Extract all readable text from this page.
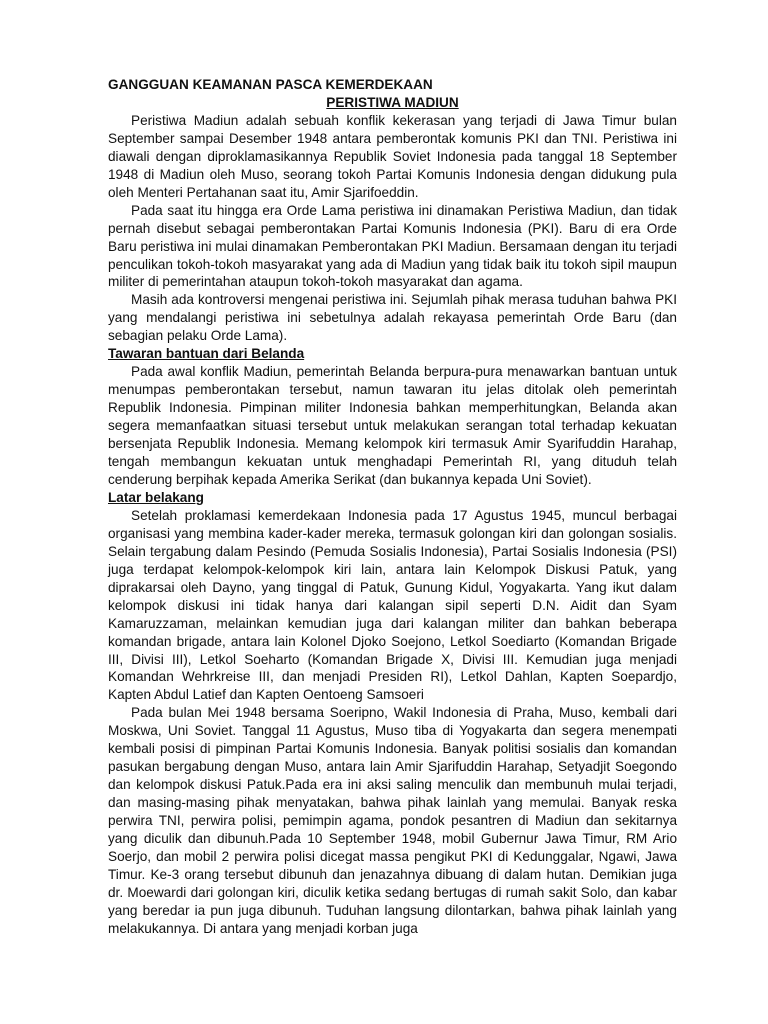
GANGGUAN KEAMANAN PASCA KEMERDEKAAN
PERISTIWA MADIUN

Peristiwa Madiun adalah sebuah konflik kekerasan yang terjadi di Jawa Timur bulan September sampai Desember 1948 antara pemberontak komunis PKI dan TNI. Peristiwa ini diawali dengan diproklamasikannya Republik Soviet Indonesia pada tanggal 18 September 1948 di Madiun oleh Muso, seorang tokoh Partai Komunis Indonesia dengan didukung pula oleh Menteri Pertahanan saat itu, Amir Sjarifoeddin.

Pada saat itu hingga era Orde Lama peristiwa ini dinamakan Peristiwa Madiun, dan tidak pernah disebut sebagai pemberontakan Partai Komunis Indonesia (PKI). Baru di era Orde Baru peristiwa ini mulai dinamakan Pemberontakan PKI Madiun. Bersamaan dengan itu terjadi penculikan tokoh-tokoh masyarakat yang ada di Madiun yang tidak baik itu tokoh sipil maupun militer di pemerintahan ataupun tokoh-tokoh masyarakat dan agama.

Masih ada kontroversi mengenai peristiwa ini. Sejumlah pihak merasa tuduhan bahwa PKI yang mendalangi peristiwa ini sebetulnya adalah rekayasa pemerintah Orde Baru (dan sebagian pelaku Orde Lama).

Tawaran bantuan dari Belanda

Pada awal konflik Madiun, pemerintah Belanda berpura-pura menawarkan bantuan untuk menumpas pemberontakan tersebut, namun tawaran itu jelas ditolak oleh pemerintah Republik Indonesia. Pimpinan militer Indonesia bahkan memperhitungkan, Belanda akan segera memanfaatkan situasi tersebut untuk melakukan serangan total terhadap kekuatan bersenjata Republik Indonesia. Memang kelompok kiri termasuk Amir Syarifuddin Harahap, tengah membangun kekuatan untuk menghadapi Pemerintah RI, yang dituduh telah cenderung berpihak kepada Amerika Serikat (dan bukannya kepada Uni Soviet).

Latar belakang

Setelah proklamasi kemerdekaan Indonesia pada 17 Agustus 1945, muncul berbagai organisasi yang membina kader-kader mereka, termasuk golongan kiri dan golongan sosialis. Selain tergabung dalam Pesindo (Pemuda Sosialis Indonesia), Partai Sosialis Indonesia (PSI) juga terdapat kelompok-kelompok kiri lain, antara lain Kelompok Diskusi Patuk, yang diprakarsai oleh Dayno, yang tinggal di Patuk, Gunung Kidul, Yogyakarta. Yang ikut dalam kelompok diskusi ini tidak hanya dari kalangan sipil seperti D.N. Aidit dan Syam Kamaruzzaman, melainkan kemudian juga dari kalangan militer dan bahkan beberapa komandan brigade, antara lain Kolonel Djoko Soejono, Letkol Soediarto (Komandan Brigade III, Divisi III), Letkol Soeharto (Komandan Brigade X, Divisi III. Kemudian juga menjadi Komandan Wehrkreise III, dan menjadi Presiden RI), Letkol Dahlan, Kapten Soepardjo, Kapten Abdul Latief dan Kapten Oentoeng Samsoeri

Pada bulan Mei 1948 bersama Soeripno, Wakil Indonesia di Praha, Muso, kembali dari Moskwa, Uni Soviet. Tanggal 11 Agustus, Muso tiba di Yogyakarta dan segera menempati kembali posisi di pimpinan Partai Komunis Indonesia. Banyak politisi sosialis dan komandan pasukan bergabung dengan Muso, antara lain Amir Sjarifuddin Harahap, Setyadjit Soegondo dan kelompok diskusi Patuk.Pada era ini aksi saling menculik dan membunuh mulai terjadi, dan masing-masing pihak menyatakan, bahwa pihak lainlah yang memulai. Banyak reska perwira TNI, perwira polisi, pemimpin agama, pondok pesantren di Madiun dan sekitarnya yang diculik dan dibunuh.Pada 10 September 1948, mobil Gubernur Jawa Timur, RM Ario Soerjo, dan mobil 2 perwira polisi dicegat massa pengikut PKI di Kedunggalar, Ngawi, Jawa Timur. Ke-3 orang tersebut dibunuh dan jenazahnya dibuang di dalam hutan. Demikian juga dr. Moewardi dari golongan kiri, diculik ketika sedang bertugas di rumah sakit Solo, dan kabar yang beredar ia pun juga dibunuh. Tuduhan langsung dilontarkan, bahwa pihak lainlah yang melakukannya. Di antara yang menjadi korban juga
